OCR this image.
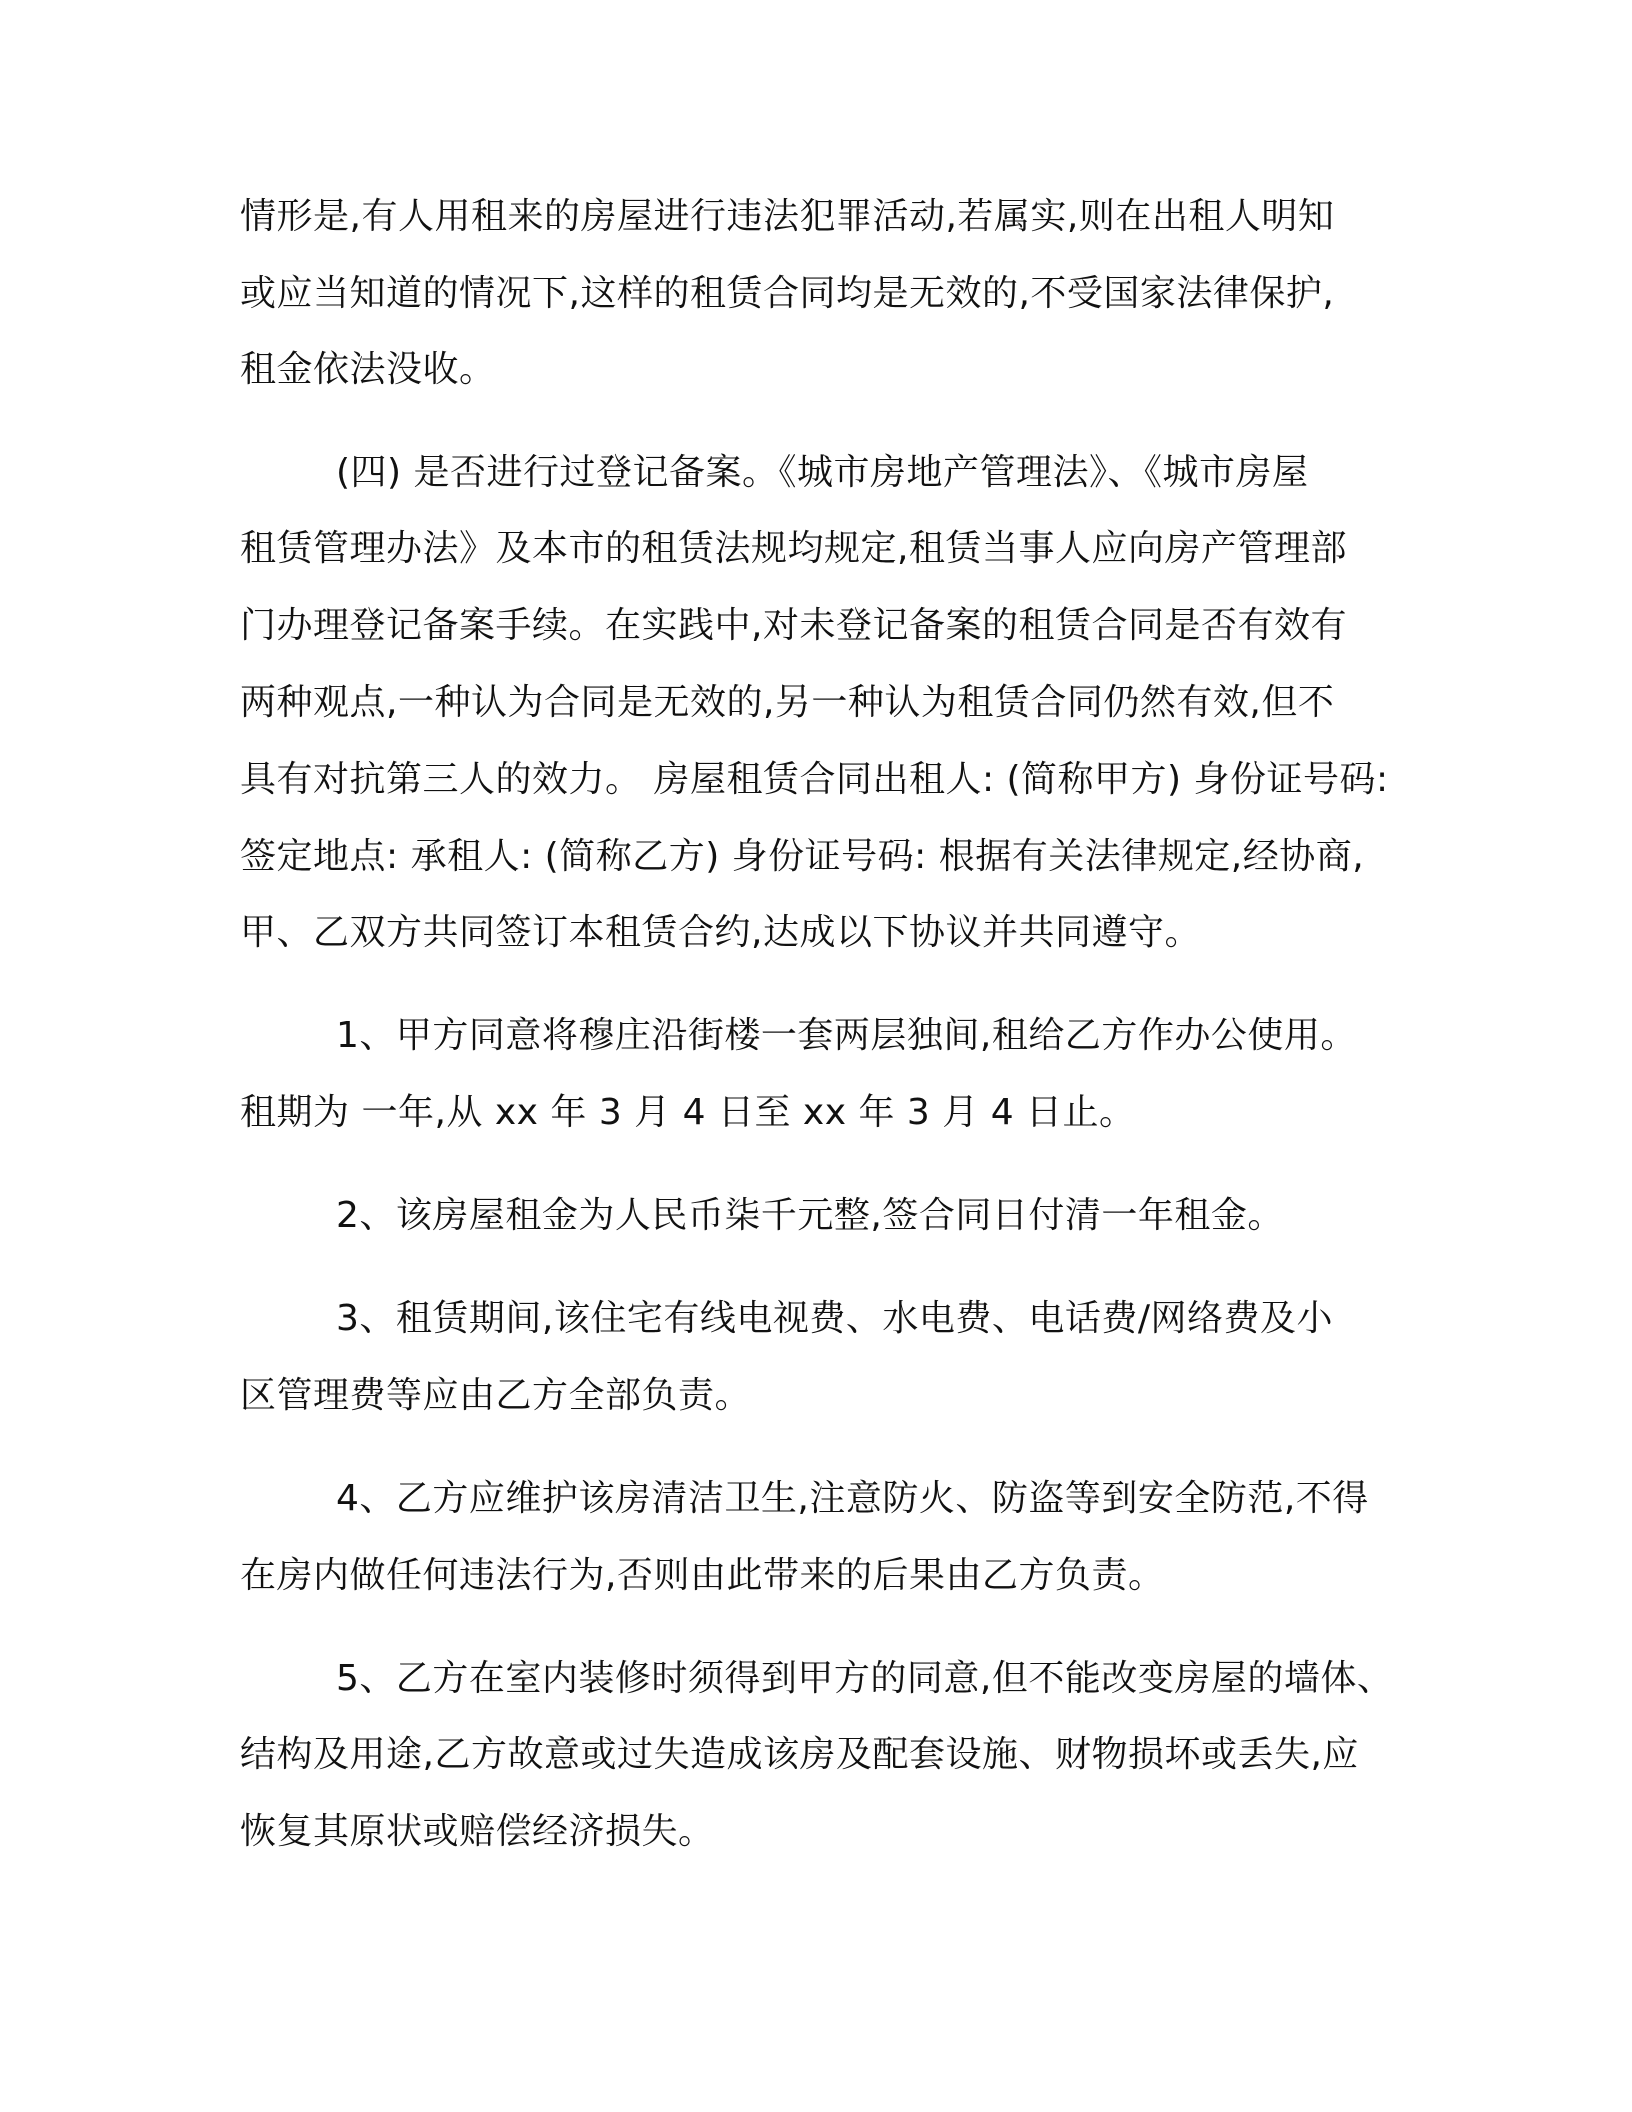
情形是,有人用租来的房屋进行违法犯罪活动,若属实,则在出租人明知
或应当知道的情况下,这样的租赁合同均是无效的,不受国家法律保护,
租金依法没收。
(四) 是否进行过登记备案。《城市房地产管理法》、《城市房屋
租赁管理办法》及本市的租赁法规均规定,租赁当事人应向房产管理部
门办理登记备案手续。在实践中,对未登记备案的租赁合同是否有效有
两种观点,一种认为合同是无效的,另一种认为租赁合同仍然有效,但不
具有对抗第三人的效力。 房屋租赁合同出租人: (简称甲方) 身份证号码:
签定地点: 承租人: (简称乙方) 身份证号码: 根据有关法律规定,经协商,
甲、乙双方共同签订本租赁合约,达成以下协议并共同遵守。
1、甲方同意将穆庄沿街楼一套两层独间,租给乙方作办公使用。
租期为 一年,从 xx 年 3 月 4 日至 xx 年 3 月 4 日止。
2、该房屋租金为人民币柒千元整,签合同日付清一年租金。
3、租赁期间,该住宅有线电视费、水电费、电话费/网络费及小
区管理费等应由乙方全部负责。
4、乙方应维护该房清洁卫生,注意防火、防盗等到安全防范,不得
在房内做任何违法行为,否则由此带来的后果由乙方负责。
5、乙方在室内装修时须得到甲方的同意,但不能改变房屋的墙体、
结构及用途,乙方故意或过失造成该房及配套设施、财物损坏或丢失,应
恢复其原状或赔偿经济损失。
